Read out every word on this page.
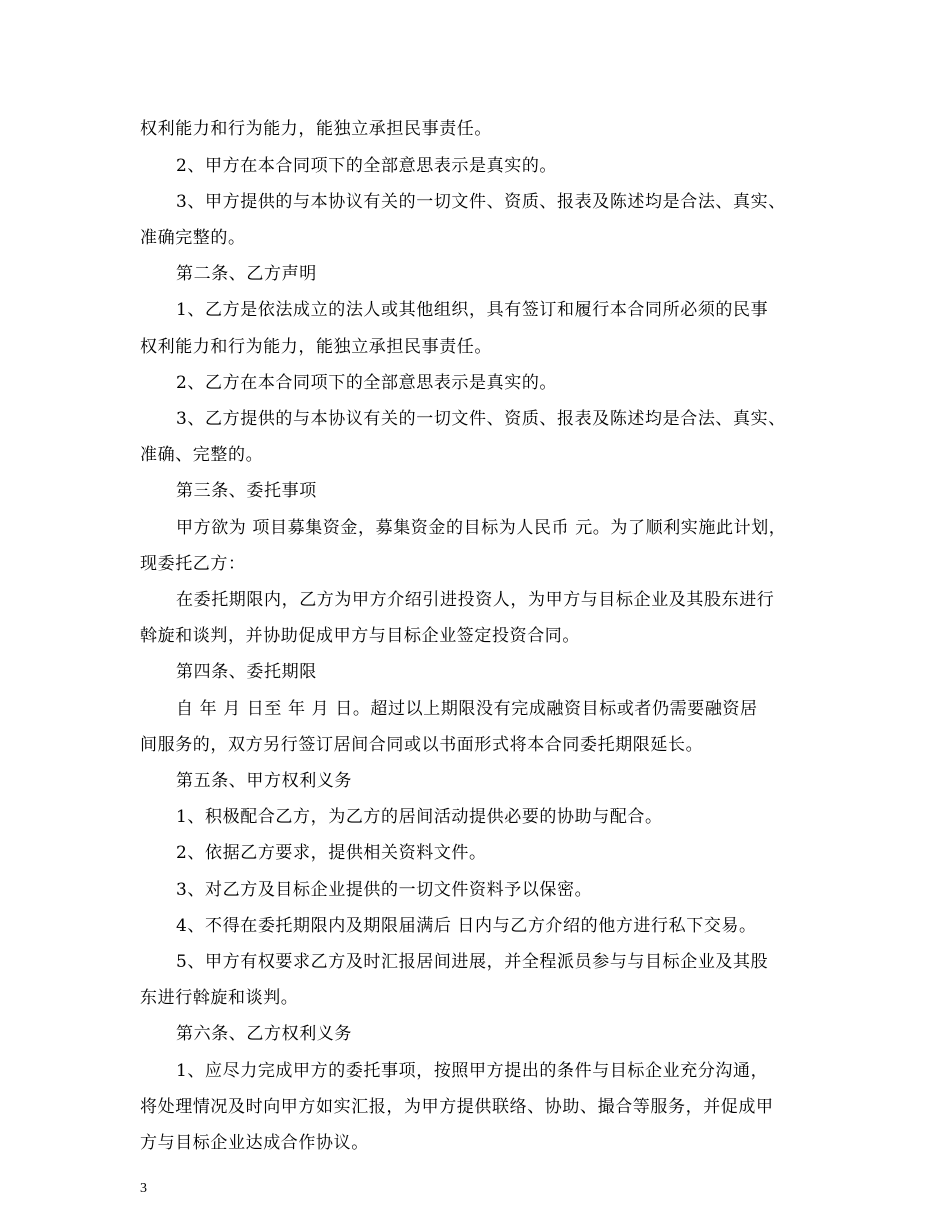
权利能力和行为能力，能独立承担民事责任。
2、甲方在本合同项下的全部意思表示是真实的。
3、甲方提供的与本协议有关的一切文件、资质、报表及陈述均是合法、真实、
准确完整的。
第二条、乙方声明
1、乙方是依法成立的法人或其他组织，具有签订和履行本合同所必须的民事
权利能力和行为能力，能独立承担民事责任。
2、乙方在本合同项下的全部意思表示是真实的。
3、乙方提供的与本协议有关的一切文件、资质、报表及陈述均是合法、真实、
准确、完整的。
第三条、委托事项
甲方欲为 项目募集资金，募集资金的目标为人民币 元。为了顺利实施此计划，
现委托乙方：
在委托期限内，乙方为甲方介绍引进投资人，为甲方与目标企业及其股东进行
斡旋和谈判，并协助促成甲方与目标企业签定投资合同。
第四条、委托期限
自 年 月 日至 年 月 日。超过以上期限没有完成融资目标或者仍需要融资居
间服务的，双方另行签订居间合同或以书面形式将本合同委托期限延长。
第五条、甲方权利义务
1、积极配合乙方，为乙方的居间活动提供必要的协助与配合。
2、依据乙方要求，提供相关资料文件。
3、对乙方及目标企业提供的一切文件资料予以保密。
4、不得在委托期限内及期限届满后 日内与乙方介绍的他方进行私下交易。
5、甲方有权要求乙方及时汇报居间进展，并全程派员参与与目标企业及其股
东进行斡旋和谈判。
第六条、乙方权利义务
1、应尽力完成甲方的委托事项，按照甲方提出的条件与目标企业充分沟通，
将处理情况及时向甲方如实汇报，为甲方提供联络、协助、撮合等服务，并促成甲
方与目标企业达成合作协议。
3
